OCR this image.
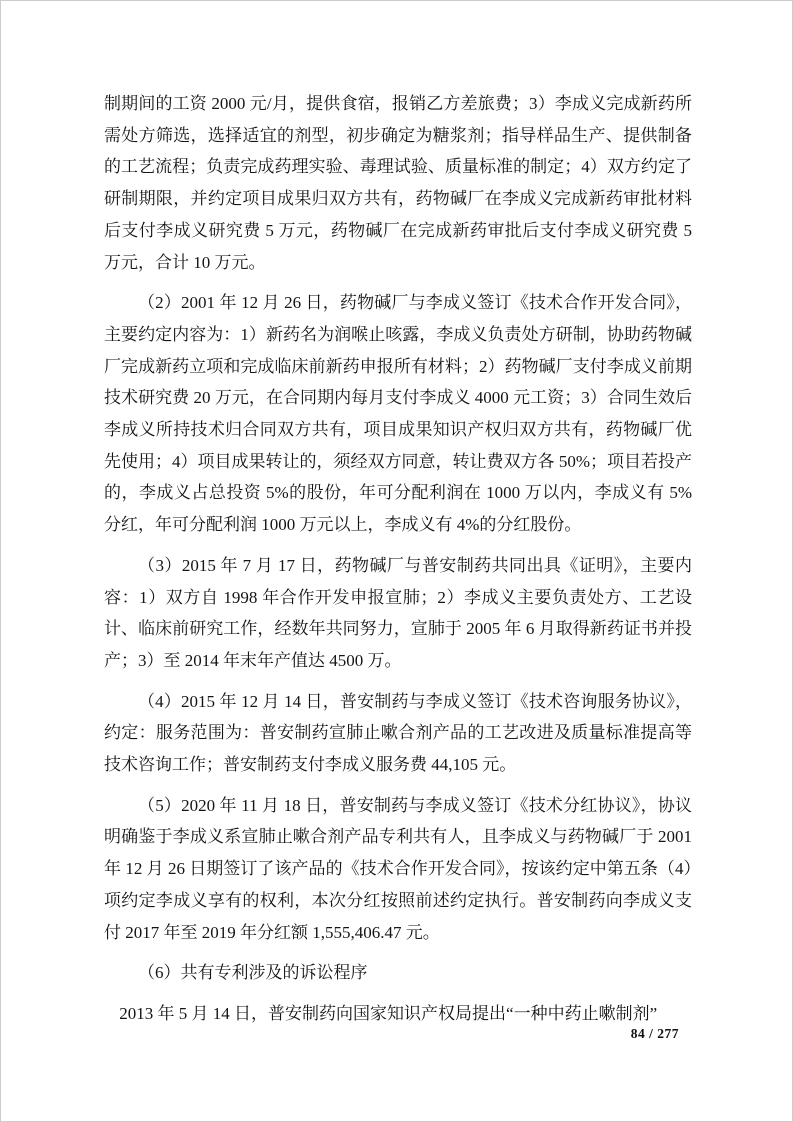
制期间的工资 2000 元/月，提供食宿，报销乙方差旅费；3）李成义完成新药所需处方筛选，选择适宜的剂型，初步确定为糖浆剂；指导样品生产、提供制备的工艺流程；负责完成药理实验、毒理试验、质量标准的制定；4）双方约定了研制期限，并约定项目成果归双方共有，药物碱厂在李成义完成新药审批材料后支付李成义研究费 5 万元，药物碱厂在完成新药审批后支付李成义研究费 5 万元，合计 10 万元。

（2）2001 年 12 月 26 日，药物碱厂与李成义签订《技术合作开发合同》，主要约定内容为：1）新药名为润喉止咳露，李成义负责处方研制，协助药物碱厂完成新药立项和完成临床前新药申报所有材料；2）药物碱厂支付李成义前期技术研究费 20 万元，在合同期内每月支付李成义 4000 元工资；3）合同生效后李成义所持技术归合同双方共有，项目成果知识产权归双方共有，药物碱厂优先使用；4）项目成果转让的，须经双方同意，转让费双方各 50%；项目若投产的，李成义占总投资 5%的股份，年可分配利润在 1000 万以内，李成义有 5%分红，年可分配利润 1000 万元以上，李成义有 4%的分红股份。

（3）2015 年 7 月 17 日，药物碱厂与普安制药共同出具《证明》，主要内容：1）双方自 1998 年合作开发申报宣肺；2）李成义主要负责处方、工艺设计、临床前研究工作，经数年共同努力，宣肺于 2005 年 6 月取得新药证书并投产；3）至 2014 年末年产值达 4500 万。

（4）2015 年 12 月 14 日，普安制药与李成义签订《技术咨询服务协议》，约定：服务范围为：普安制药宣肺止嗽合剂产品的工艺改进及质量标准提高等技术咨询工作；普安制药支付李成义服务费 44,105 元。

（5）2020 年 11 月 18 日，普安制药与李成义签订《技术分红协议》，协议明确鉴于李成义系宣肺止嗽合剂产品专利共有人，且李成义与药物碱厂于 2001 年 12 月 26 日期签订了该产品的《技术合作开发合同》，按该约定中第五条（4）项约定李成义享有的权利，本次分红按照前述约定执行。普安制药向李成义支付 2017 年至 2019 年分红额 1,555,406.47 元。

（6）共有专利涉及的诉讼程序

2013 年 5 月 14 日，普安制药向国家知识产权局提出“一种中药止嗽制剂”

84 / 277
